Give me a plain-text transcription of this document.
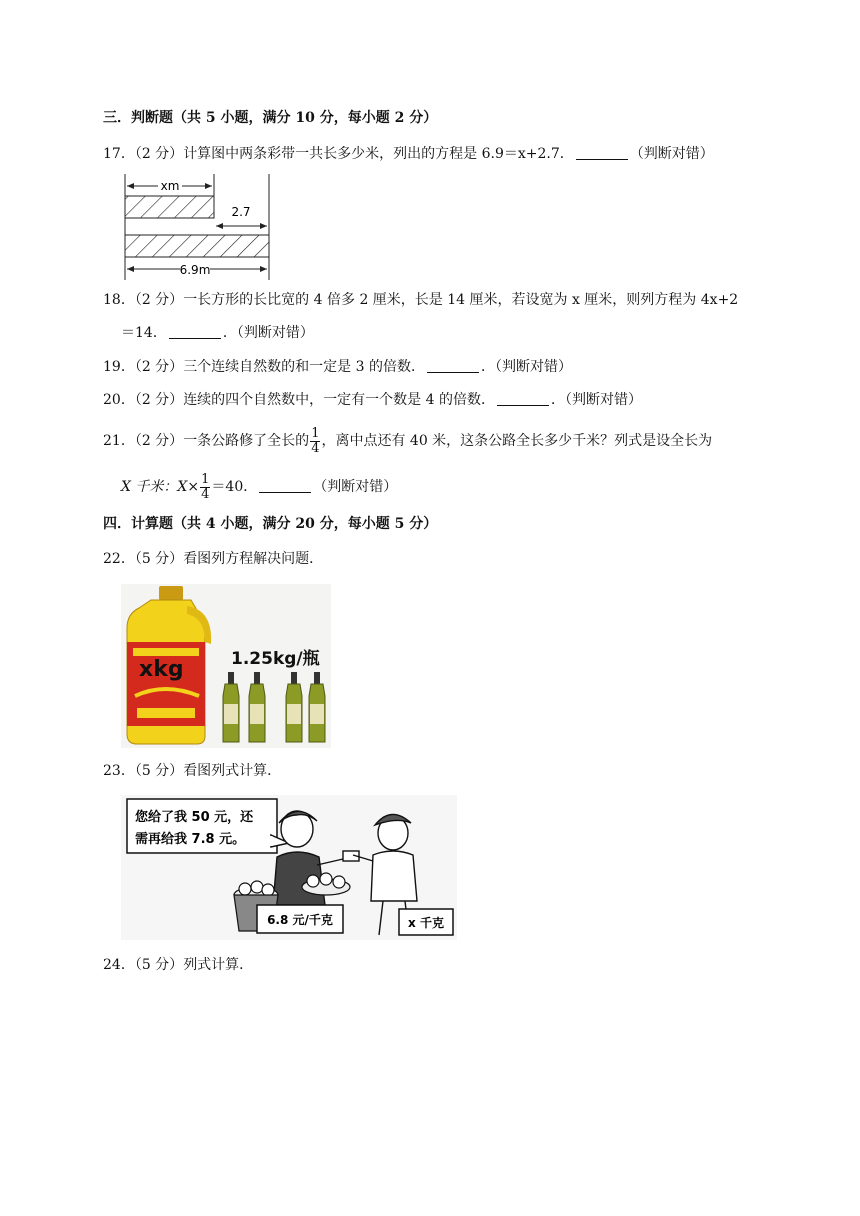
三．判断题（共 5 小题，满分 10 分，每小题 2 分）
17．（2 分）计算图中两条彩带一共长多少米，列出的方程是 6.9＝x+2.7．	（判断对错）
xm
2.7
6.9m
18．（2 分）一长方形的长比宽的 4 倍多 2 厘米，长是 14 厘米，若设宽为 x 厘米，则列方程为 4x+2
＝14．	．（判断对错）
19．（2 分）三个连续自然数的和一定是 3 的倍数．	．（判断对错）
20．（2 分）连续的四个自然数中，一定有一个数是 4 的倍数．	．（判断对错）
21．（2 分）一条公路修了全长的 $\frac{1}{4}$ ，离中点还有 40 米，这条公路全长多少千米？列式是设全长为
X 千米：$X\times \frac{1}{4} =40$．	（判断对错）
四．计算题（共 4 小题，满分 20 分，每小题 5 分）
22．（5 分）看图列方程解决问题．
xkg	1.25kg/瓶
23．（5 分）看图列式计算．
您给了我 50 元，还
需再给我 7.8 元。
6.8 元/千克	x 千克
24．（5 分）列式计算．
